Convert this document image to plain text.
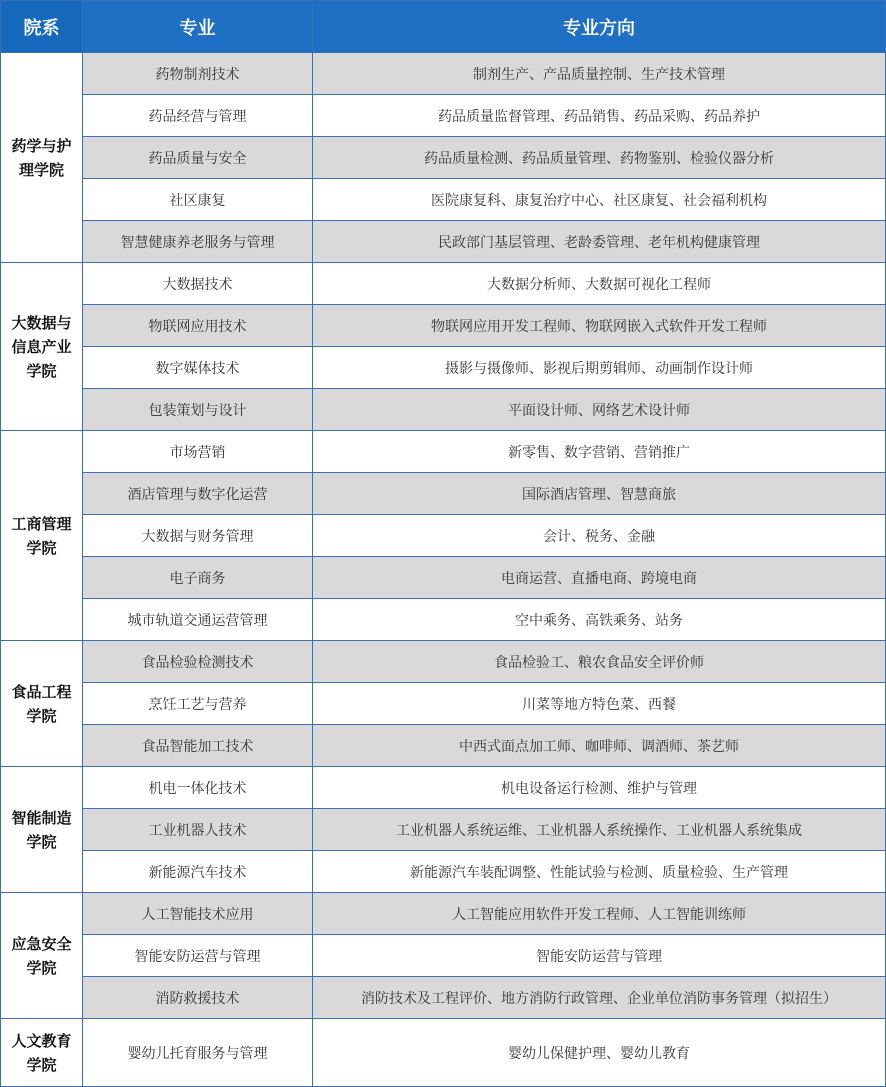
院系	专业	专业方向
药学与护理学院	药物制剂技术	制剂生产、产品质量控制、生产技术管理
	药品经营与管理	药品质量监督管理、药品销售、药品采购、药品养护
	药品质量与安全	药品质量检测、药品质量管理、药物鉴别、检验仪器分析
	社区康复	医院康复科、康复治疗中心、社区康复、社会福利机构
	智慧健康养老服务与管理	民政部门基层管理、老龄委管理、老年机构健康管理
大数据与信息产业学院	大数据技术	大数据分析师、大数据可视化工程师
	物联网应用技术	物联网应用开发工程师、物联网嵌入式软件开发工程师
	数字媒体技术	摄影与摄像师、影视后期剪辑师、动画制作设计师
	包装策划与设计	平面设计师、网络艺术设计师
工商管理学院	市场营销	新零售、数字营销、营销推广
	酒店管理与数字化运营	国际酒店管理、智慧商旅
	大数据与财务管理	会计、税务、金融
	电子商务	电商运营、直播电商、跨境电商
	城市轨道交通运营管理	空中乘务、高铁乘务、站务
食品工程学院	食品检验检测技术	食品检验工、粮农食品安全评价师
	烹饪工艺与营养	川菜等地方特色菜、西餐
	食品智能加工技术	中西式面点加工师、咖啡师、调酒师、茶艺师
智能制造学院	机电一体化技术	机电设备运行检测、维护与管理
	工业机器人技术	工业机器人系统运维、工业机器人系统操作、工业机器人系统集成
	新能源汽车技术	新能源汽车装配调整、性能试验与检测、质量检验、生产管理
应急安全学院	人工智能技术应用	人工智能应用软件开发工程师、人工智能训练师
	智能安防运营与管理	智能安防运营与管理
	消防救援技术	消防技术及工程评价、地方消防行政管理、企业单位消防事务管理（拟招生）
人文教育学院	婴幼儿托育服务与管理	婴幼儿保健护理、婴幼儿教育
